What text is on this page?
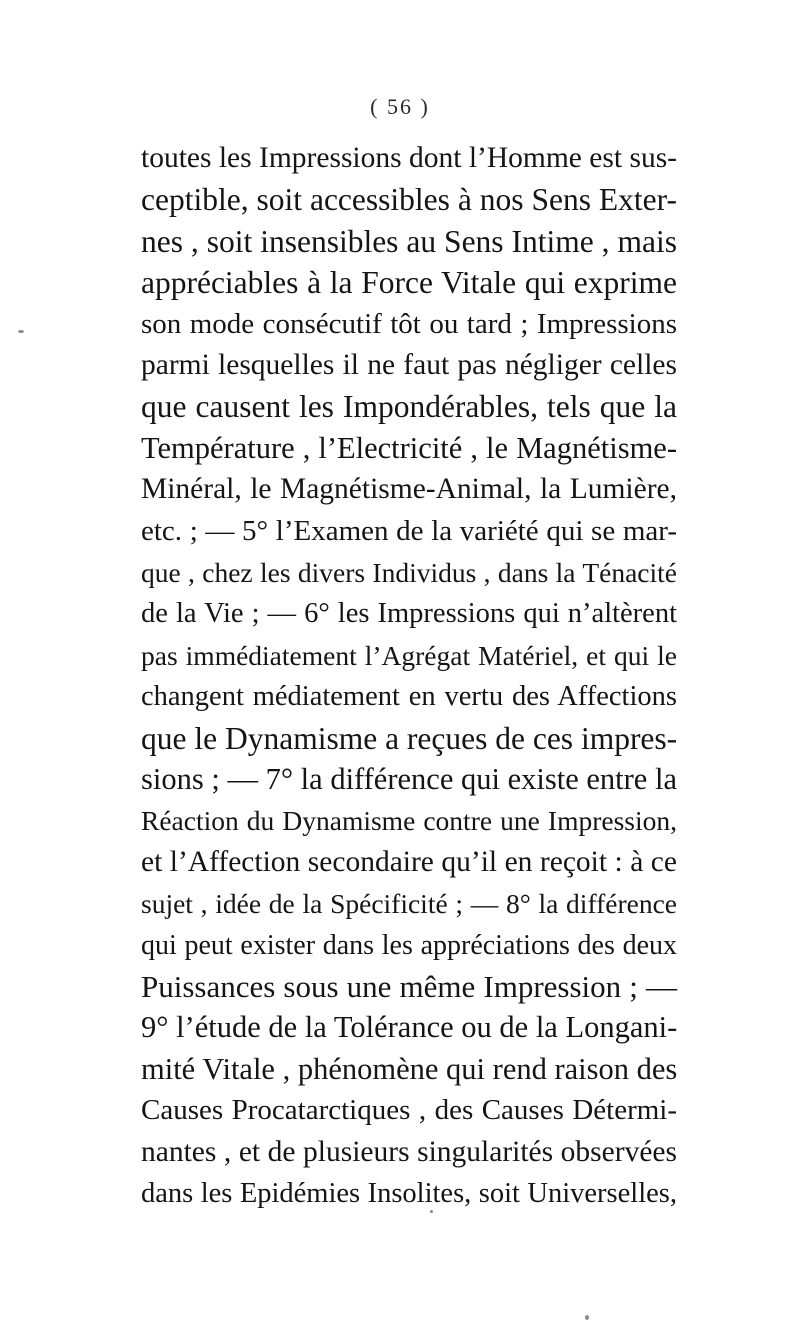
( 56 )
toutes les Impressions dont l’Homme est sus-
ceptible, soit accessibles à nos Sens Exter-
nes , soit insensibles au Sens Intime , mais
appréciables à la Force Vitale qui exprime
son mode consécutif tôt ou tard ; Impressions
parmi lesquelles il ne faut pas négliger celles
que causent les Impondérables, tels que la
Température , l’Electricité , le Magnétisme-
Minéral, le Magnétisme-Animal, la Lumière,
etc. ; — 5° l’Examen de la variété qui se mar-
que , chez les divers Individus , dans la Ténacité
de la Vie ; — 6° les Impressions qui n’altèrent
pas immédiatement l’Agrégat Matériel, et qui le
changent médiatement en vertu des Affections
que le Dynamisme a reçues de ces impres-
sions ; — 7° la différence qui existe entre la
Réaction du Dynamisme contre une Impression,
et l’Affection secondaire qu’il en reçoit : à ce
sujet , idée de la Spécificité ; — 8° la différence
qui peut exister dans les appréciations des deux
Puissances sous une même Impression ; —
9° l’étude de la Tolérance ou de la Longani-
mité Vitale , phénomène qui rend raison des
Causes Procatarctiques , des Causes Détermi-
nantes , et de plusieurs singularités observées
dans les Epidémies Insolites, soit Universelles,
